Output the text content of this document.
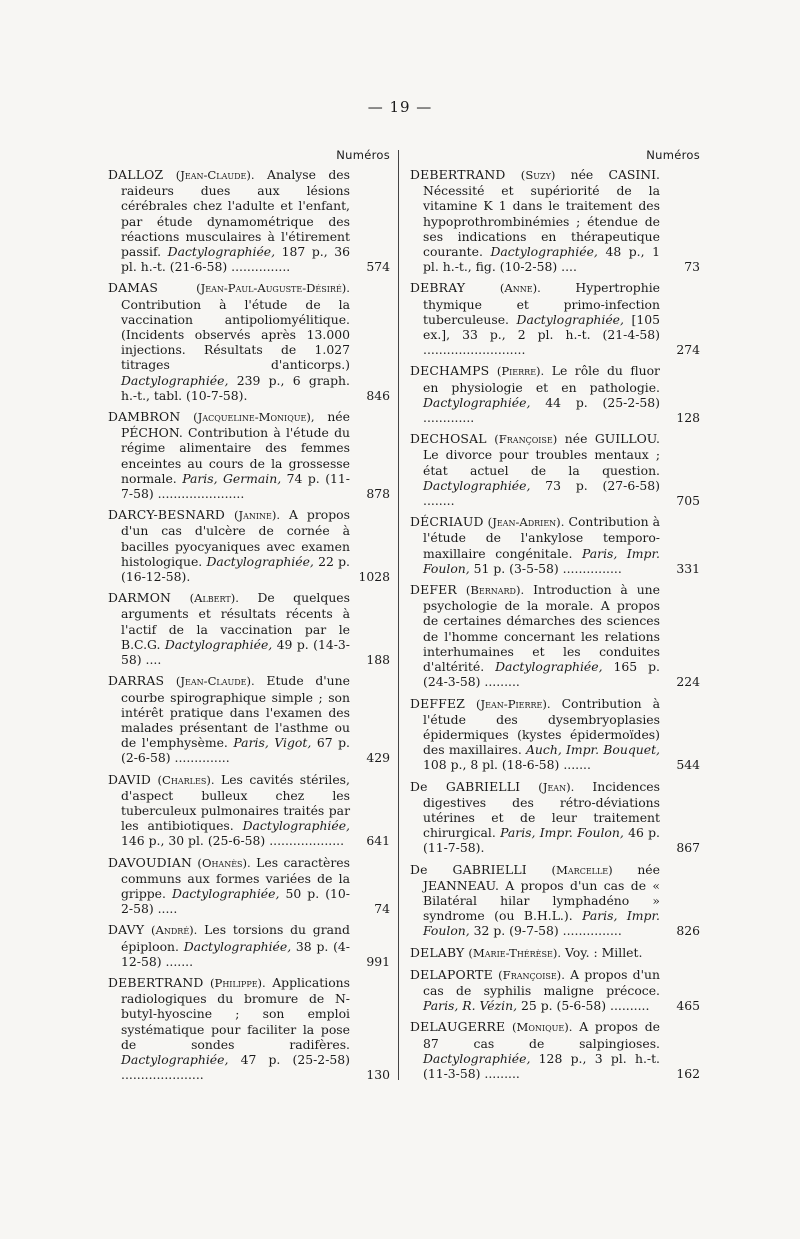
— 19 —
Numéros
DALLOZ (Jean-Claude). Analyse des raideurs dues aux lésions cérébrales chez l'adulte et l'enfant, par étude dynamométrique des réactions musculaires à l'étirement passif. Dactylographiée, 187 p., 36 pl. h.-t. (21-6-58) ...............	574
DAMAS	(Jean-Paul-Auguste-Désiré). Contribution à l'étude de la vaccination antipoliomyélitique. (Incidents observés après 13.000 injections. Résultats de 1.027 titrages d'anticorps.) Dactylographiée, 239 p., 6 graph. h.-t., tabl. (10-7-58).	846
DAMBRON (Jacqueline-Monique), née PÉCHON. Contribution à l'étude du régime alimentaire des femmes enceintes au cours de la grossesse normale. Paris, Germain, 74 p. (11-7-58) ......................	878
DARCY-BESNARD (Janine). A propos d'un cas d'ulcère de cornée à bacilles pyocyaniques avec examen histologique. Dactylographiée, 22 p. (16-12-58).	1028
DARMON (Albert). De quelques arguments et résultats récents à l'actif de la vaccination par le B.C.G. Dactylographiée, 49 p. (14-3-58) ....	188
DARRAS (Jean-Claude). Etude d'une courbe spirographique simple ; son intérêt pratique dans l'examen des malades présentant de l'asthme ou de l'emphysème. Paris, Vigot, 67 p. (2-6-58) ..............	429
DAVID (Charles). Les cavités stériles, d'aspect bulleux chez les tuberculeux pulmonaires traités par les antibiotiques. Dactylographiée, 146 p., 30 pl. (25-6-58) ...................	641
DAVOUDIAN (Ohanès). Les caractères communs aux formes variées de la grippe. Dactylographiée, 50 p. (10-2-58) .....	74
DAVY (André). Les torsions du grand épiploon. Dactylographiée, 38 p. (4-12-58) .......	991
DEBERTRAND (Philippe). Applications radiologiques du bromure de N-butyl-hyoscine ; son emploi systématique pour faciliter la pose de sondes radifères. Dactylographiée, 47 p. (25-2-58) .....................	130
Numéros
DEBERTRAND (Suzy) née CASINI. Nécessité et supériorité de la vitamine K 1 dans le traitement des hypoprothrombinémies ; étendue de ses indications en thérapeutique courante. Dactylographiée, 48 p., 1 pl. h.-t., fig. (10-2-58) ....	73
DEBRAY	(Anne).	Hypertrophie thymique et primo-infection tuberculeuse. Dactylographiée, [105 ex.], 33 p., 2 pl. h.-t. (21-4-58) ..........................	274
DECHAMPS (Pierre). Le rôle du fluor en physiologie et en pathologie. Dactylographiée, 44 p. (25-2-58) .............	128
DECHOSAL (Françoise) née GUILLOU. Le divorce pour troubles mentaux ; état actuel de la question. Dactylographiée, 73 p. (27-6-58) ........	705
DÉCRIAUD (Jean-Adrien). Contribution à l'étude de l'ankylose temporo-maxillaire congénitale. Paris, Impr. Foulon, 51 p. (3-5-58) ...............	331
DEFER (Bernard). Introduction à une psychologie de la morale. A propos de certaines démarches des sciences de l'homme concernant les relations interhumaines et les conduites d'altérité. Dactylographiée, 165 p. (24-3-58) .........	224
DEFFEZ (Jean-Pierre). Contribution à l'étude des dysembryoplasies épidermiques (kystes épidermoïdes) des maxillaires. Auch, Impr. Bouquet, 108 p., 8 pl. (18-6-58) .......	544
De GABRIELLI (Jean). Incidences digestives des rétro-déviations utérines et de leur traitement chirurgical. Paris, Impr. Foulon, 46 p. (11-7-58).	867
De GABRIELLI (Marcelle) née JEANNEAU. A propos d'un cas de « Bilatéral hilar lymphadéno » syndrome (ou B.H.L.). Paris, Impr. Foulon, 32 p. (9-7-58) ...............	826
DELABY (Marie-Thérèse). Voy. : Millet.
DELAPORTE (Françoise). A propos d'un cas de syphilis maligne précoce. Paris, R. Vézin, 25 p. (5-6-58) ..........	465
DELAUGERRE (Monique). A propos de 87 cas de salpingioses. Dactylographiée, 128 p., 3 pl. h.-t. (11-3-58) .........	162
